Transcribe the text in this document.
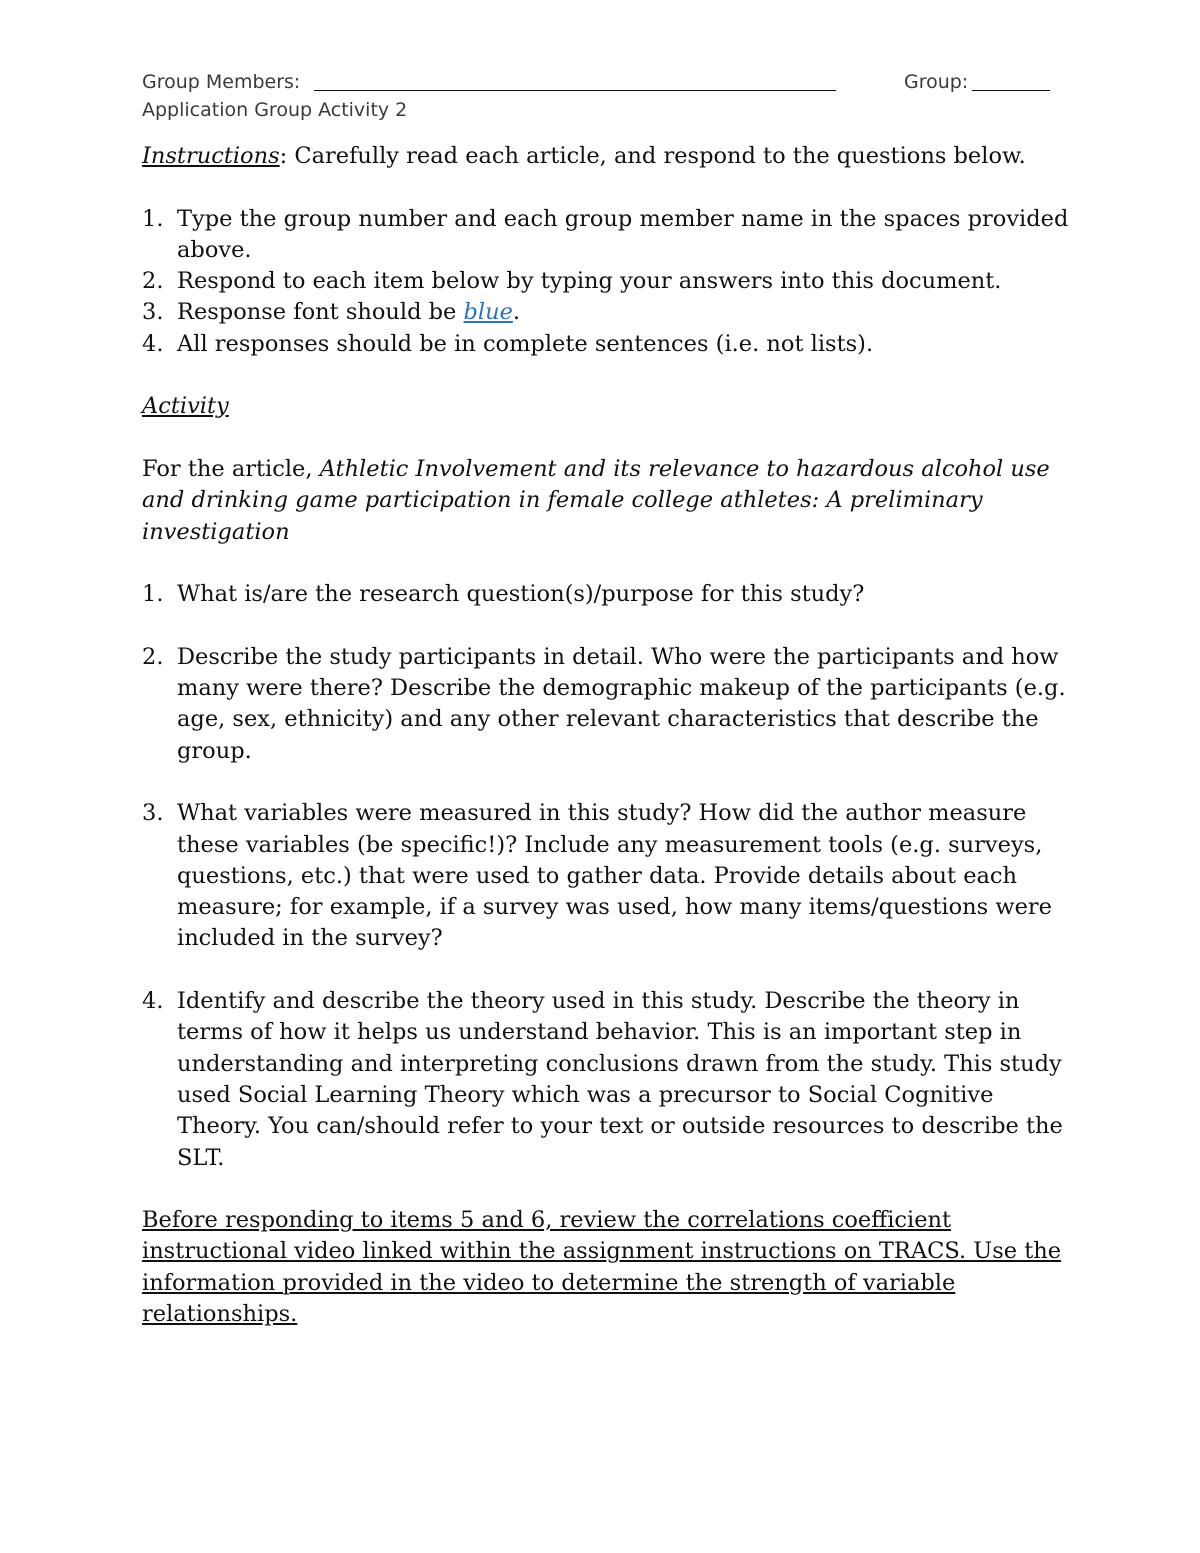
Group Members:	Group:
Application Group Activity 2

Instructions: Carefully read each article, and respond to the questions below.

1. Type the group number and each group member name in the spaces provided above.
2. Respond to each item below by typing your answers into this document.
3. Response font should be blue.
4. All responses should be in complete sentences (i.e. not lists).

Activity

For the article, Athletic Involvement and its relevance to hazardous alcohol use and drinking game participation in female college athletes: A preliminary investigation

1. What is/are the research question(s)/purpose for this study?
2. Describe the study participants in detail. Who were the participants and how many were there? Describe the demographic makeup of the participants (e.g. age, sex, ethnicity) and any other relevant characteristics that describe the group.
3. What variables were measured in this study? How did the author measure these variables (be specific!)? Include any measurement tools (e.g. surveys, questions, etc.) that were used to gather data. Provide details about each measure; for example, if a survey was used, how many items/questions were included in the survey?
4. Identify and describe the theory used in this study. Describe the theory in terms of how it helps us understand behavior. This is an important step in understanding and interpreting conclusions drawn from the study. This study used Social Learning Theory which was a precursor to Social Cognitive Theory. You can/should refer to your text or outside resources to describe the SLT.

Before responding to items 5 and 6, review the correlations coefficient instructional video linked within the assignment instructions on TRACS. Use the information provided in the video to determine the strength of variable relationships.
